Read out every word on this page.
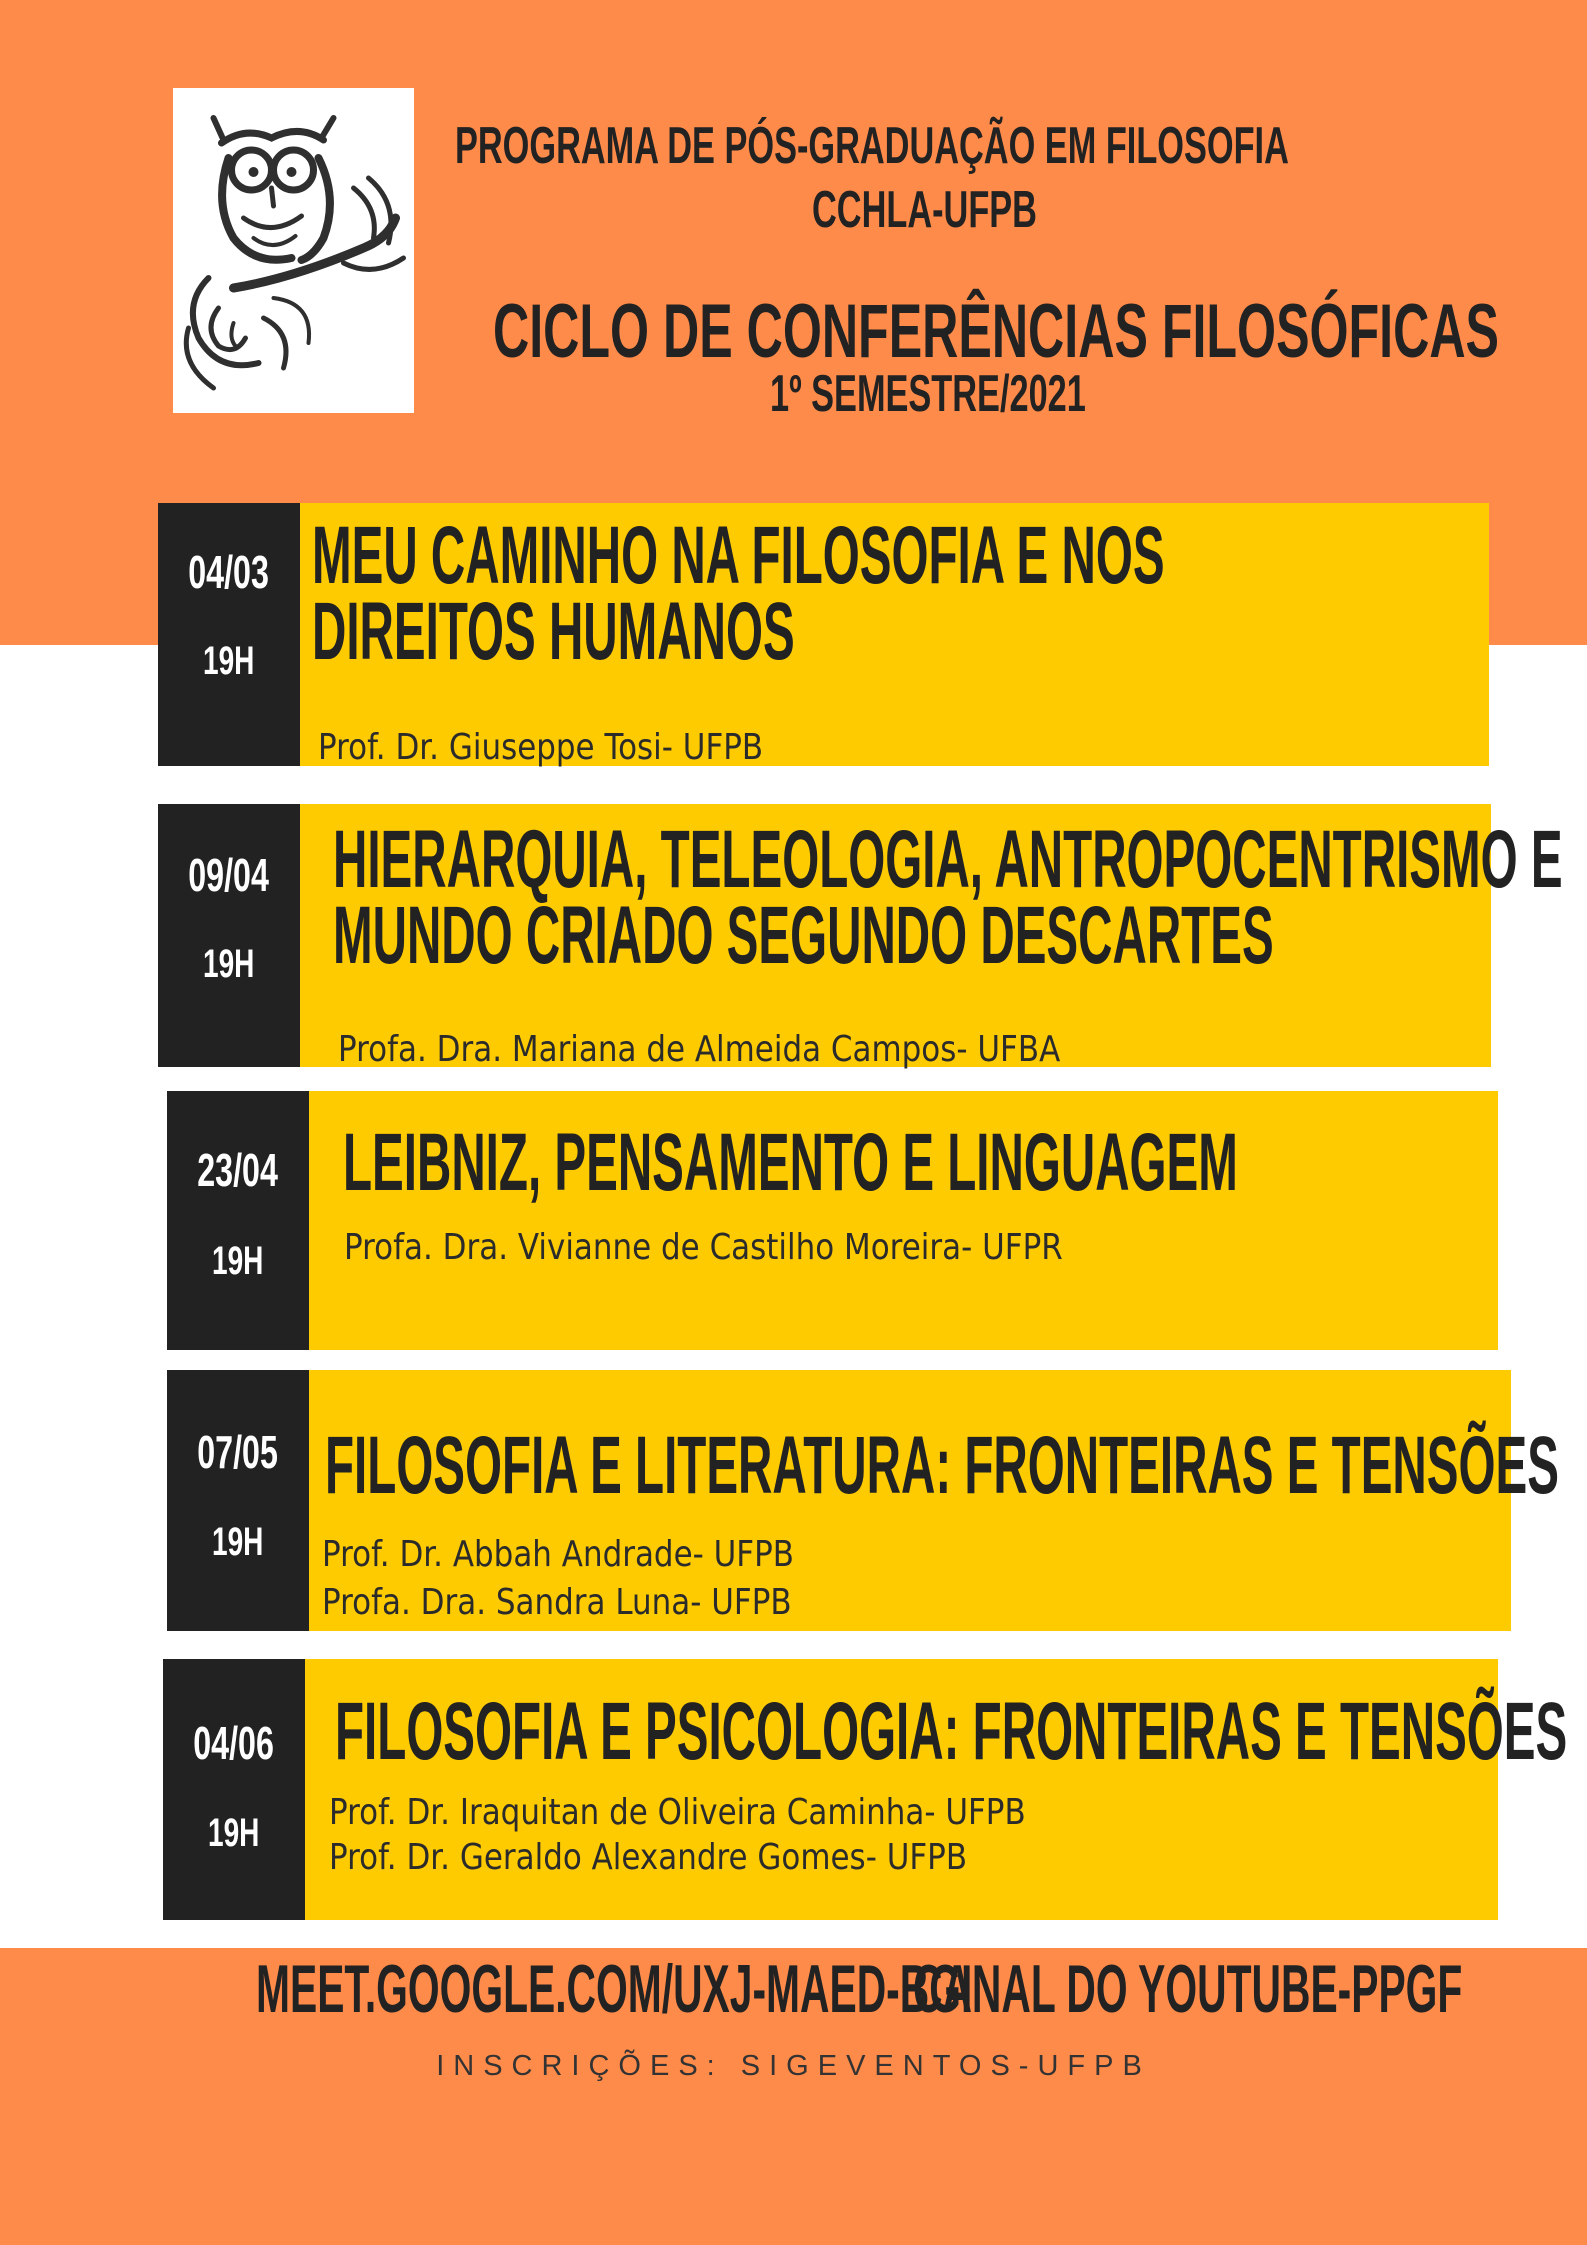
PROGRAMA DE PÓS-GRADUAÇÃO EM FILOSOFIA
CCHLA-UFPB
CICLO DE CONFERÊNCIAS FILOSÓFICAS
1º SEMESTRE/2021
04/03
19H
MEU CAMINHO NA FILOSOFIA E NOS
DIREITOS HUMANOS
Prof. Dr. Giuseppe Tosi- UFPB
09/04
19H
HIERARQUIA, TELEOLOGIA, ANTROPOCENTRISMO E
MUNDO CRIADO SEGUNDO DESCARTES
Profa. Dra. Mariana de Almeida Campos- UFBA
23/04
19H
LEIBNIZ, PENSAMENTO E LINGUAGEM
Profa. Dra. Vivianne de Castilho Moreira- UFPR
07/05
19H
FILOSOFIA E LITERATURA: FRONTEIRAS E TENSÕES
Prof. Dr. Abbah Andrade- UFPB
Profa. Dra. Sandra Luna- UFPB
04/06
19H
FILOSOFIA E PSICOLOGIA: FRONTEIRAS E TENSÕES
Prof. Dr. Iraquitan de Oliveira Caminha- UFPB
Prof. Dr. Geraldo Alexandre Gomes- UFPB
MEET.GOOGLE.COM/UXJ-MAED-BGI
CANAL DO YOUTUBE-PPGF
INSCRIÇÕES: SIGEVENTOS-UFPB
